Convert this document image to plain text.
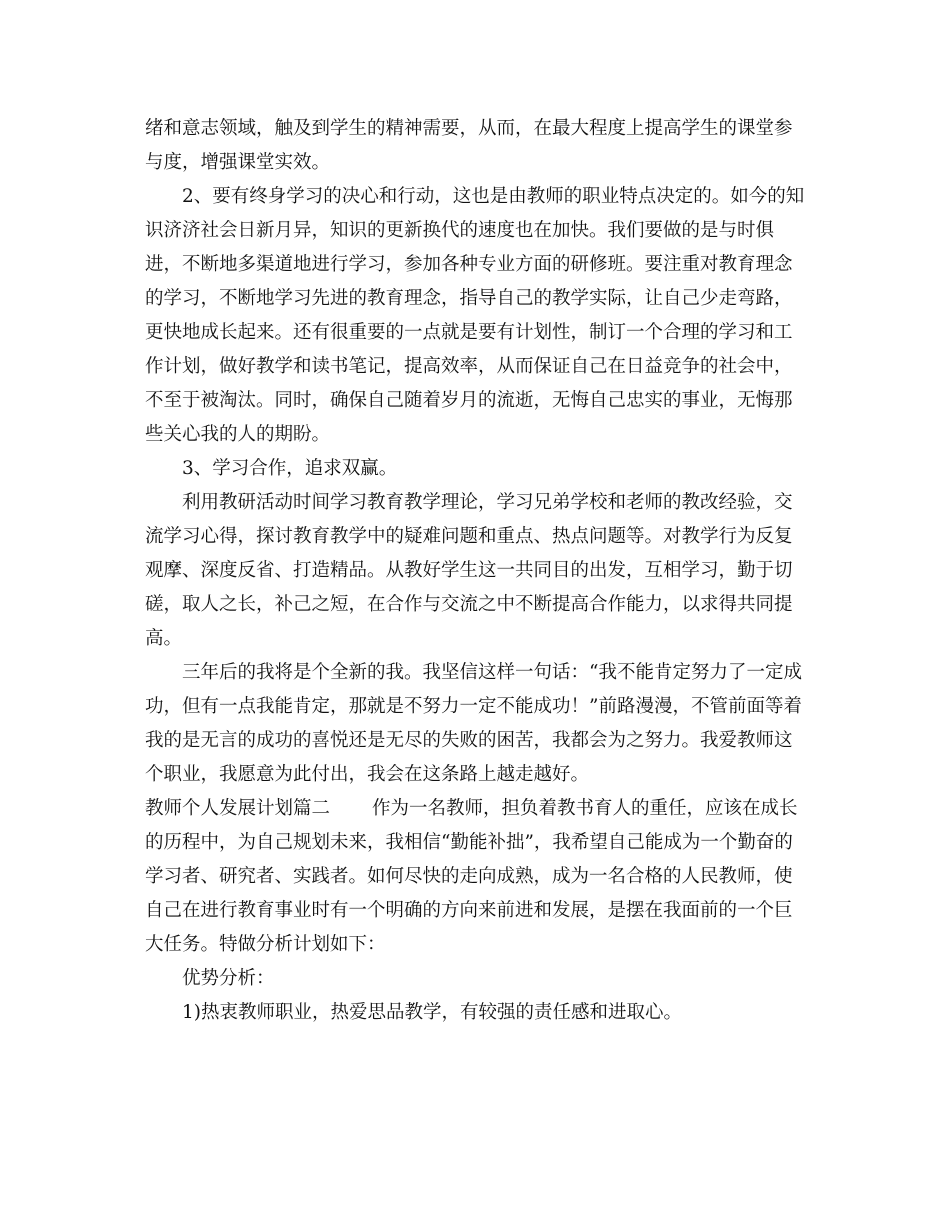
绪和意志领域，触及到学生的精神需要，从而，在最大程度上提高学生的课堂参
与度，增强课堂实效。
2、要有终身学习的决心和行动，这也是由教师的职业特点决定的。如今的知
识济济社会日新月异，知识的更新换代的速度也在加快。我们要做的是与时俱
进，不断地多渠道地进行学习，参加各种专业方面的研修班。要注重对教育理念
的学习，不断地学习先进的教育理念，指导自己的教学实际，让自己少走弯路，
更快地成长起来。还有很重要的一点就是要有计划性，制订一个合理的学习和工
作计划，做好教学和读书笔记，提高效率，从而保证自己在日益竞争的社会中，
不至于被淘汰。同时，确保自己随着岁月的流逝，无悔自己忠实的事业，无悔那
些关心我的人的期盼。
3、学习合作，追求双赢。
利用教研活动时间学习教育教学理论，学习兄弟学校和老师的教改经验，交
流学习心得，探讨教育教学中的疑难问题和重点、热点问题等。对教学行为反复
观摩、深度反省、打造精品。从教好学生这一共同目的出发，互相学习，勤于切
磋，取人之长，补己之短，在合作与交流之中不断提高合作能力，以求得共同提
高。
三年后的我将是个全新的我。我坚信这样一句话：“我不能肯定努力了一定成
功，但有一点我能肯定，那就是不努力一定不能成功！”前路漫漫，不管前面等着
我的是无言的成功的喜悦还是无尽的失败的困苦，我都会为之努力。我爱教师这
个职业，我愿意为此付出，我会在这条路上越走越好。
教师个人发展计划篇二 作为一名教师，担负着教书育人的重任，应该在成长
的历程中，为自己规划未来，我相信“勤能补拙”，我希望自己能成为一个勤奋的
学习者、研究者、实践者。如何尽快的走向成熟，成为一名合格的人民教师，使
自己在进行教育事业时有一个明确的方向来前进和发展，是摆在我面前的一个巨
大任务。特做分析计划如下：
优势分析：
1)热衷教师职业，热爱思品教学，有较强的责任感和进取心。
